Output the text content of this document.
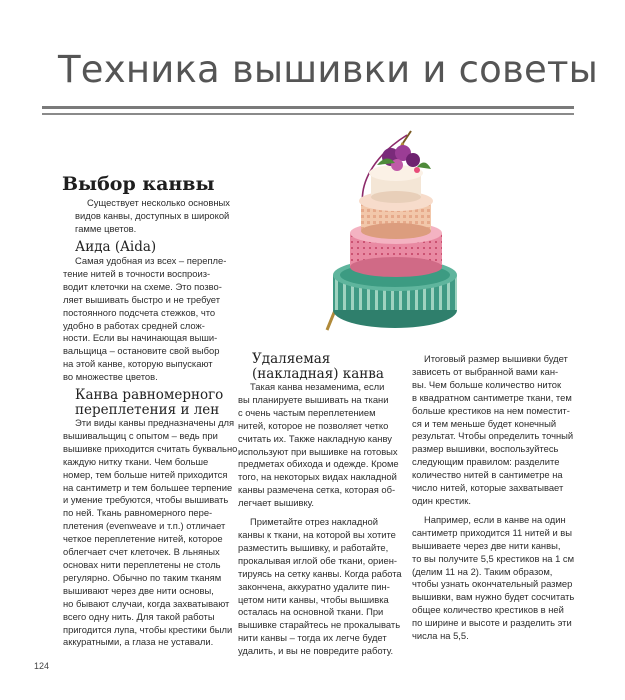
Техника вышивки и советы
Выбор канвы

Существует несколько основных видов канвы, доступных в широкой гамме цветов.

Аида (Aida)
Самая удобная из всех – перепле-
тение нитей в точности воспроиз-
водит клеточки на схеме. Это позво-
ляет вышивать быстро и не требует
постоянного подсчета стежков, что
удобно в работах средней слож-
ности. Если вы начинающая выши-
вальщица – остановите свой выбор
на этой канве, которую выпускают
во множестве цветов.
Канва равномерного
переплетения и лен
Эти виды канвы предназначены для
вышивальщиц с опытом – ведь при
вышивке приходится считать буквально
каждую нитку ткани. Чем больше
номер, тем больше нитей приходится
на сантиметр и тем большее терпение
и умение требуются, чтобы вышивать
по ней. Ткань равномерного пере-
плетения (evenweave и т.п.) отличает
четкое переплетение нитей, которое
облегчает счет клеточек. В льняных
основах нити переплетены не столь
регулярно. Обычно по таким тканям
вышивают через две нити основы,
но бывают случаи, когда захватывают
всего одну нить. Для такой работы
пригодится лупа, чтобы крестики были
аккуратными, а глаза не уставали.
Удаляемая
(накладная) канва
Такая канва незаменима, если
вы планируете вышивать на ткани
с очень частым переплетением
нитей, которое не позволяет четко
считать их. Также накладную канву
используют при вышивке на готовых
предметах обихода и одежде. Кроме
того, на некоторых видах накладной
канвы размечена сетка, которая об-
легчает вышивку.
Приметайте отрез накладной
канвы к ткани, на которой вы хотите
разместить вышивку, и работайте,
прокалывая иглой обе ткани, ориен-
тируясь на сетку канвы. Когда работа
закончена, аккуратно удалите пин-
цетом нити канвы, чтобы вышивка
осталась на основной ткани. При
вышивке старайтесь не прокалывать
нити канвы – тогда их легче будет
удалить, и вы не повредите работу.
Итоговый размер вышивки будет
зависеть от выбранной вами кан-
вы. Чем больше количество ниток
в квадратном сантиметре ткани, тем
больше крестиков на нем поместит-
ся и тем меньше будет конечный
результат. Чтобы определить точный
размер вышивки, воспользуйтесь
следующим правилом: разделите
количество нитей в сантиметре на
число нитей, которые захватывает
один крестик.
Например, если в канве на один
сантиметр приходится 11 нитей и вы
вышиваете через две нити канвы,
то вы получите 5,5 крестиков на 1 см
(делим 11 на 2). Таким образом,
чтобы узнать окончательный размер
вышивки, вам нужно будет сосчитать
общее количество крестиков в ней
по ширине и высоте и разделить эти
числа на 5,5.
124
